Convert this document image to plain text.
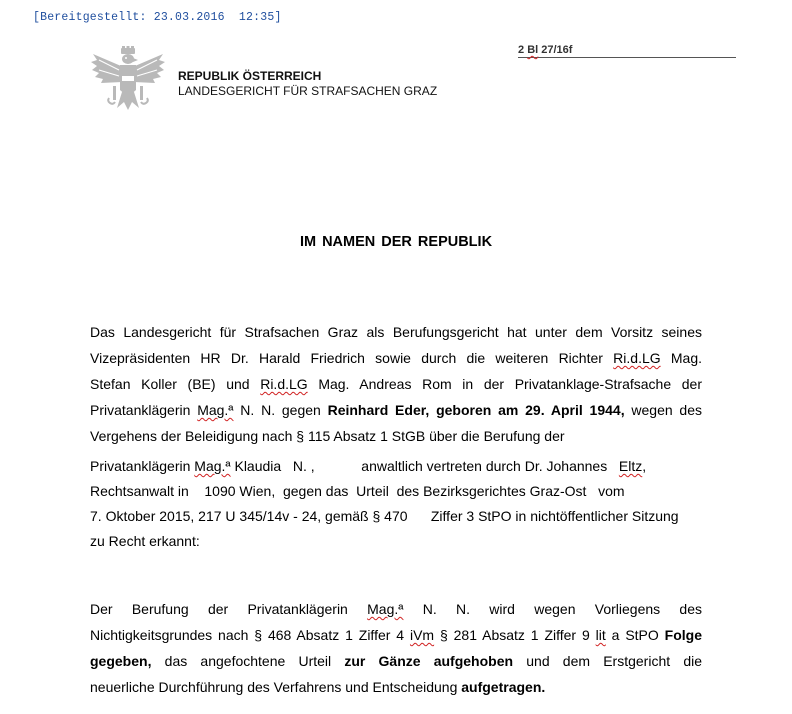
[Bereitgestellt: 23.03.2016  12:35]
2 Bl 27/16f
REPUBLIK ÖSTERREICH
LANDESGERICHT FÜR STRAFSACHEN GRAZ
IM NAMEN DER REPUBLIK
Das Landesgericht für Strafsachen Graz als Berufungsgericht hat unter dem Vorsitz seines
Vizepräsidenten HR Dr. Harald Friedrich sowie durch die weiteren Richter Ri.d.LG Mag.
Stefan Koller (BE) und Ri.d.LG Mag. Andreas Rom in der Privatanklage-Strafsache der
Privatanklägerin Mag.ª N. N. gegen Reinhard Eder, geboren am 29. April 1944, wegen des
Vergehens der Beleidigung nach § 115 Absatz 1 StGB über die Berufung der
Privatanklägerin Mag.ª Klaudia   N. ,            anwaltlich vertreten durch Dr. Johannes   Eltz,
Rechtsanwalt in    1090 Wien,  gegen das  Urteil  des Bezirksgerichtes Graz-Ost   vom
7. Oktober 2015, 217 U 345/14v - 24, gemäß § 470      Ziffer 3 StPO in nichtöffentlicher Sitzung
zu Recht erkannt:
Der Berufung der Privatanklägerin Mag.ª N. N. wird wegen Vorliegens des
Nichtigkeitsgrundes nach § 468 Absatz 1 Ziffer 4 iVm § 281 Absatz 1 Ziffer 9 lit a StPO Folge
gegeben, das angefochtene Urteil zur Gänze aufgehoben und dem Erstgericht die
neuerliche Durchführung des Verfahrens und Entscheidung aufgetragen.
